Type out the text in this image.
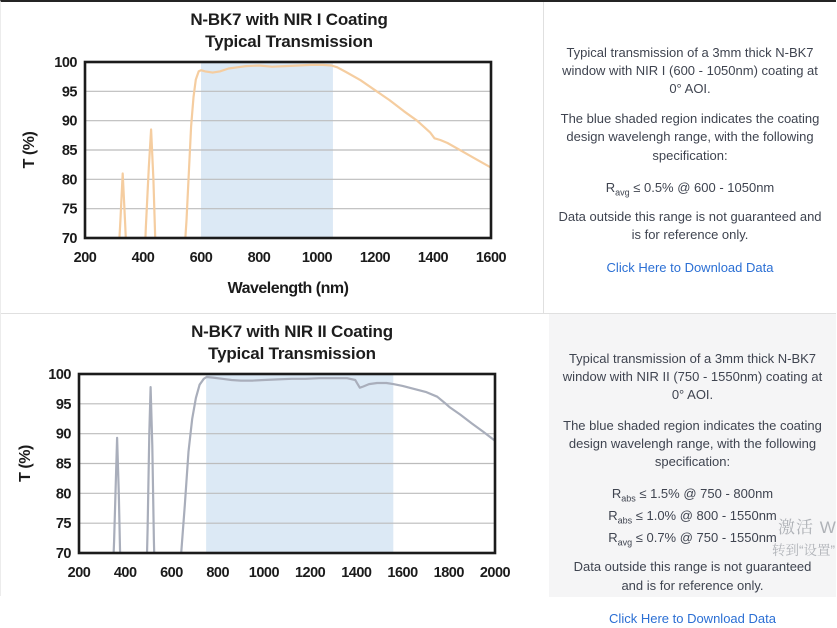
N-BK7 with NIR I Coating
Typical Transmission
70
75
80
85
90
95
100
200 400 600 800 1000 1200 1400 1600
T (%)
Wavelength (nm)

Typical transmission of a 3mm thick N-BK7 window with NIR I (600 - 1050nm) coating at 0° AOI.

The blue shaded region indicates the coating design wavelengh range, with the following specification:

$R_{avg} \le 0.5\%$ @ 600 - 1050nm

Data outside this range is not guaranteed and is for reference only.

Click Here to Download Data
N-BK7 with NIR II Coating
Typical Transmission
70
75
80
85
90
95
100
200 400 600 800 1000 1200 1400 1600 1800 2000
T (%)

Typical transmission of a 3mm thick N-BK7 window with NIR II (750 - 1550nm) coating at 0° AOI.

The blue shaded region indicates the coating design wavelengh range, with the following specification:

$R_{abs} \le 1.5\%$ @ 750 - 800nm
$R_{abs} \le 1.0\%$ @ 800 - 1550nm
$R_{avg} \le 0.7\%$ @ 750 - 1550nm

Data outside this range is not guaranteed and is for reference only.

Click Here to Download Data
激活 W
转到“设置”
